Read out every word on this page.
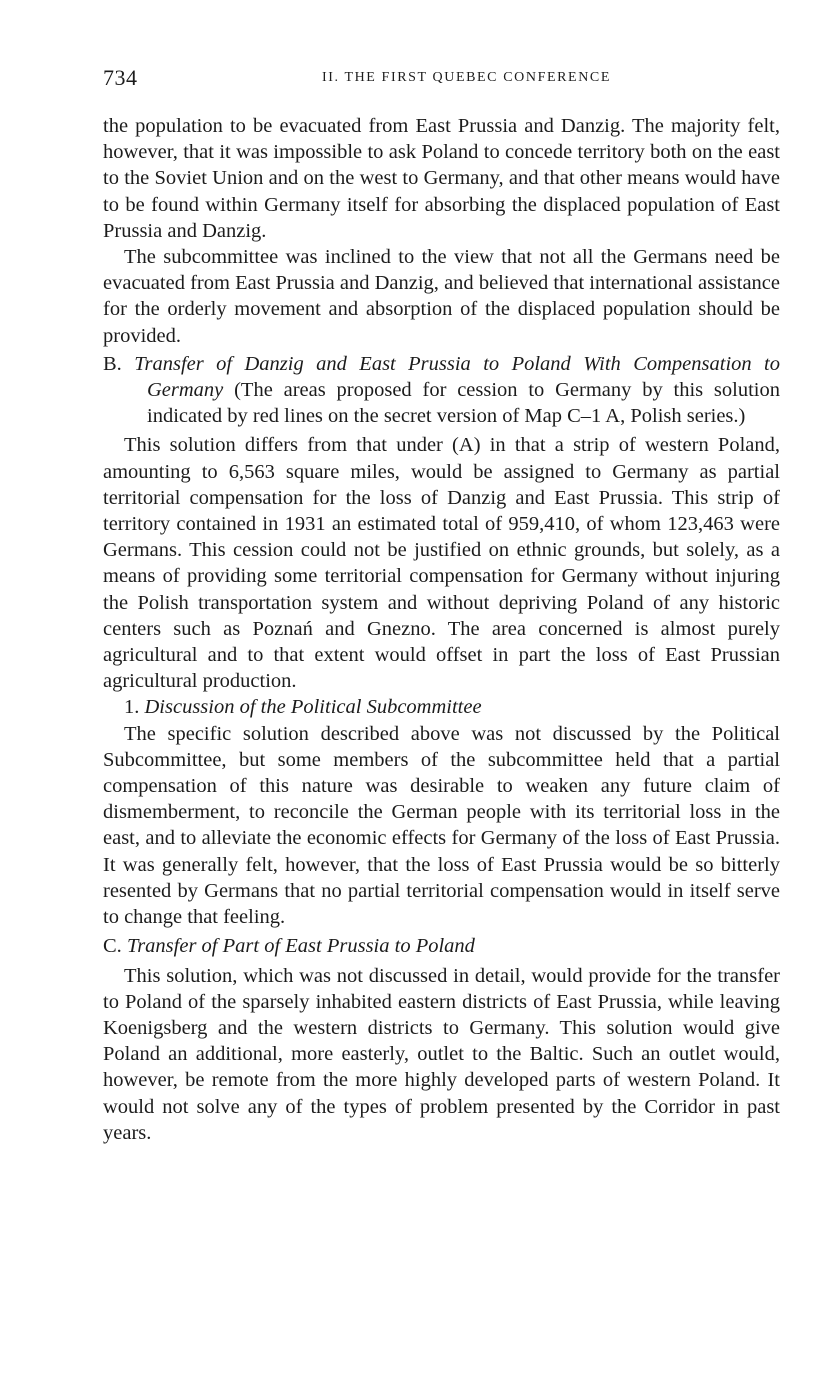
734	II. THE FIRST QUEBEC CONFERENCE

the population to be evacuated from East Prussia and Danzig. The majority felt, however, that it was impossible to ask Poland to concede territory both on the east to the Soviet Union and on the west to Germany, and that other means would have to be found within Germany itself for absorbing the displaced population of East Prussia and Danzig.

The subcommittee was inclined to the view that not all the Germans need be evacuated from East Prussia and Danzig, and believed that international assistance for the orderly movement and absorption of the displaced population should be provided.

B. Transfer of Danzig and East Prussia to Poland With Compensation to Germany (The areas proposed for cession to Germany by this solution indicated by red lines on the secret version of Map C–1 A, Polish series.)

This solution differs from that under (A) in that a strip of western Poland, amounting to 6,563 square miles, would be assigned to Germany as partial territorial compensation for the loss of Danzig and East Prussia. This strip of territory contained in 1931 an estimated total of 959,410, of whom 123,463 were Germans. This cession could not be justified on ethnic grounds, but solely, as a means of providing some territorial compensation for Germany without injuring the Polish transportation system and without depriving Poland of any historic centers such as Poznań and Gnezno. The area concerned is almost purely agricultural and to that extent would offset in part the loss of East Prussian agricultural production.

1. Discussion of the Political Subcommittee

The specific solution described above was not discussed by the Political Subcommittee, but some members of the subcommittee held that a partial compensation of this nature was desirable to weaken any future claim of dismemberment, to reconcile the German people with its territorial loss in the east, and to alleviate the economic effects for Germany of the loss of East Prussia. It was generally felt, however, that the loss of East Prussia would be so bitterly resented by Germans that no partial territorial compensation would in itself serve to change that feeling.

C. Transfer of Part of East Prussia to Poland

This solution, which was not discussed in detail, would provide for the transfer to Poland of the sparsely inhabited eastern districts of East Prussia, while leaving Koenigsberg and the western districts to Germany. This solution would give Poland an additional, more easterly, outlet to the Baltic. Such an outlet would, however, be remote from the more highly developed parts of western Poland. It would not solve any of the types of problem presented by the Corridor in past years.
